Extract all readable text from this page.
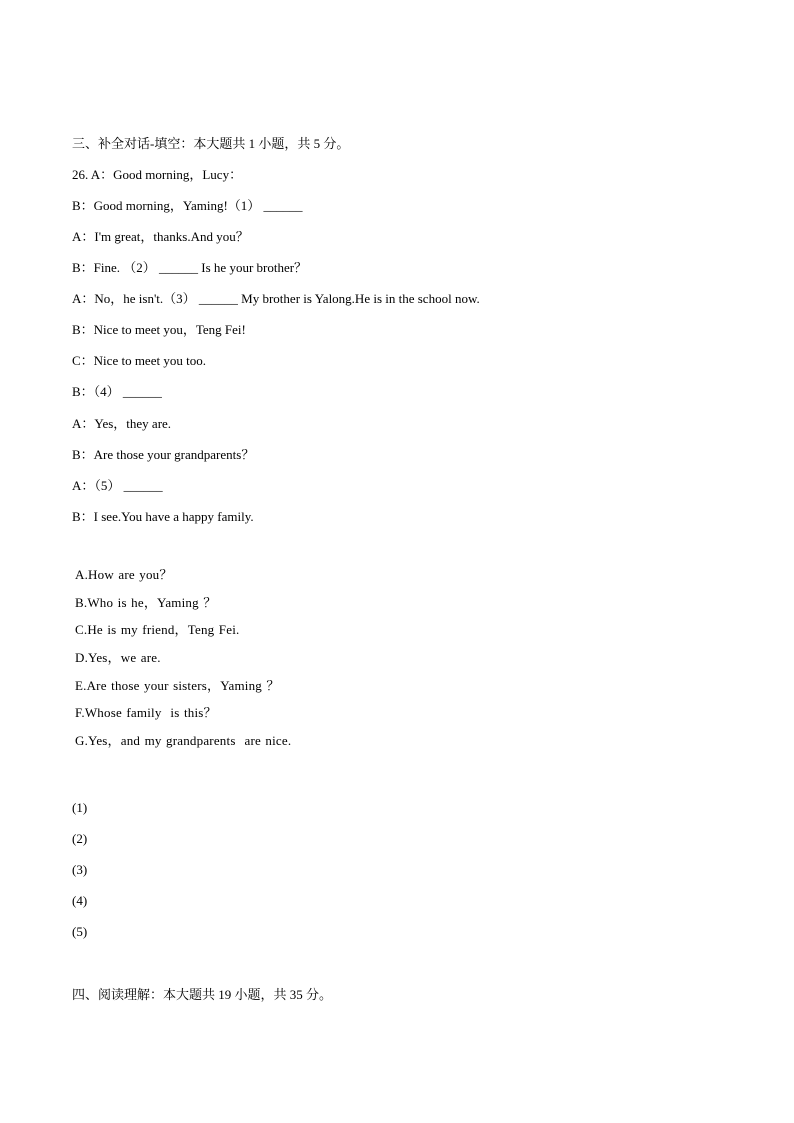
三、补全对话-填空：本大题共 1 小题，共 5 分。
26. A：Good morning，Lucy：
B：Good morning，Yaming!（1） ______
A：I'm great，thanks.And you？
B：Fine. （2） ______ Is he your brother？
A：No，he isn't.（3） ______ My brother is Yalong.He is in the school now.
B：Nice to meet you，Teng Fei!
C：Nice to meet you too.
B：（4） ______
A：Yes，they are.
B：Are those your grandparents？
A：（5） ______
B：I see.You have a happy family.
A.How are you？
B.Who is he，Yaming ？
C.He is my friend，Teng Fei.
D.Yes，we are.
E.Are those your sisters，Yaming ？
F.Whose family  is this？
G.Yes，and my grandparents  are nice.
(1)
(2)
(3)
(4)
(5)
四、阅读理解：本大题共 19 小题，共 35 分。
